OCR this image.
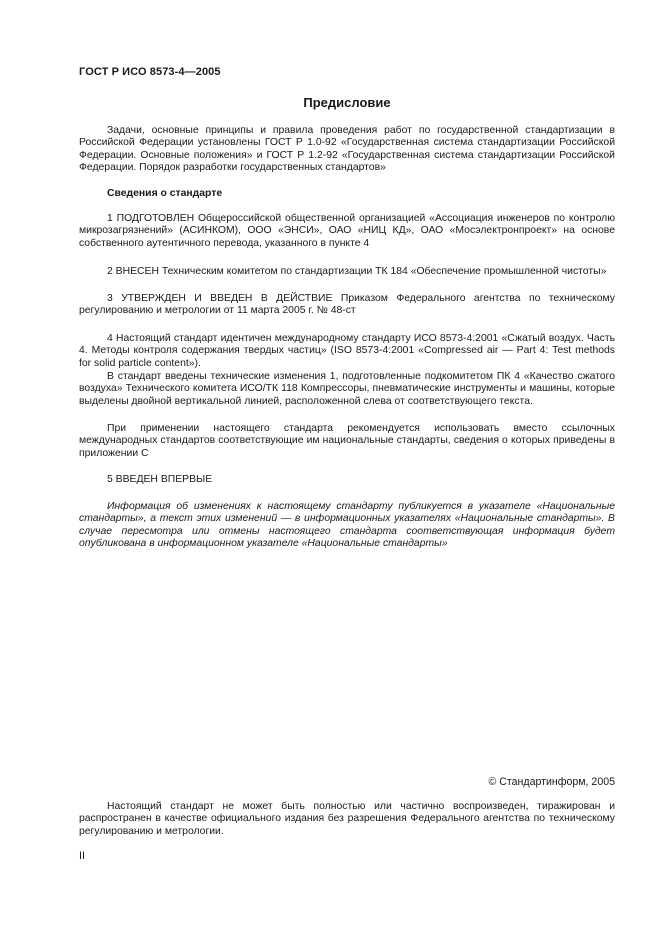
ГОСТ Р ИСО 8573-4—2005
Предисловие

Задачи, основные принципы и правила проведения работ по государственной стандартизации в Российской Федерации установлены ГОСТ Р 1.0-92 «Государственная система стандартизации Российской Федерации. Основные положения» и ГОСТ Р 1.2-92 «Государственная система стандартизации Российской Федерации. Порядок разработки государственных стандартов»

Сведения о стандарте

1 ПОДГОТОВЛЕН Общероссийской общественной организацией «Ассоциация инженеров по контролю микрозагрязнений» (АСИНКОМ), ООО «ЭНСИ», ОАО «НИЦ КД», ОАО «Мосэлектронпроект» на основе собственного аутентичного перевода, указанного в пункте 4

2 ВНЕСЕН Техническим комитетом по стандартизации ТК 184 «Обеспечение промышленной чистоты»

3 УТВЕРЖДЕН И ВВЕДЕН В ДЕЙСТВИЕ Приказом Федерального агентства по техническому регулированию и метрологии от 11 марта 2005 г. № 48-ст

4 Настоящий стандарт идентичен международному стандарту ИСО 8573-4:2001 «Сжатый воздух. Часть 4. Методы контроля содержания твердых частиц» (ISO 8573-4:2001 «Compressed air — Part 4: Test methods for solid particle content»).

В стандарт введены технические изменения 1, подготовленные подкомитетом ПК 4 «Качество сжатого воздуха» Технического комитета ИСО/ТК 118 Компрессоры, пневматические инструменты и машины, которые выделены двойной вертикальной линией, расположенной слева от соответствующего текста.

При применении настоящего стандарта рекомендуется использовать вместо ссылочных международных стандартов соответствующие им национальные стандарты, сведения о которых приведены в приложении С

5 ВВЕДЕН ВПЕРВЫЕ

Информация об изменениях к настоящему стандарту публикуется в указателе «Национальные стандарты», а текст этих изменений — в информационных указателях «Национальные стандарты». В случае пересмотра или отмены настоящего стандарта соответствующая информация будет опубликована в информационном указателе «Национальные стандарты»

© Стандартинформ, 2005

Настоящий стандарт не может быть полностью или частично воспроизведен, тиражирован и распространен в качестве официального издания без разрешения Федерального агентства по техническому регулированию и метрологии.

II
